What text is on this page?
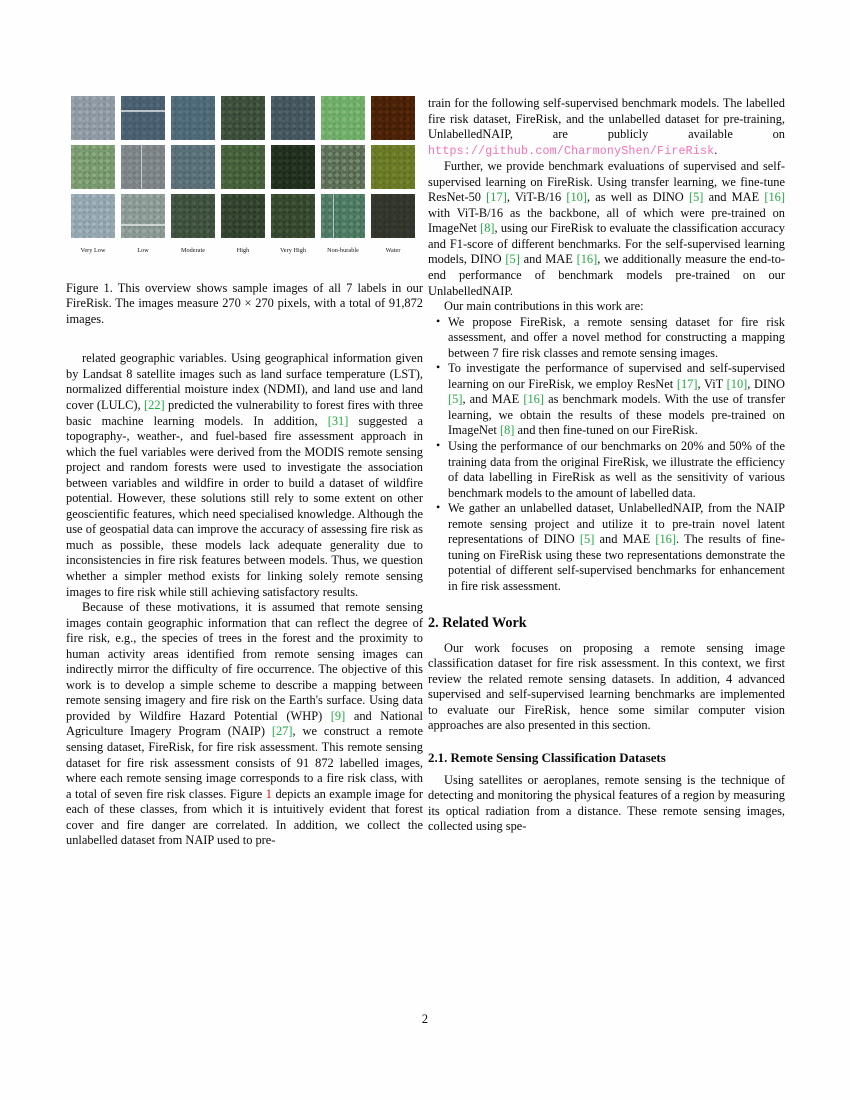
Very Low	Low	Moderate	High	Very High	Non-burable	Water
Figure 1. This overview shows sample images of all 7 labels in our FireRisk. The images measure 270 × 270 pixels, with a total of 91,872 images.

related geographic variables. Using geographical information given by Landsat 8 satellite images such as land surface temperature (LST), normalized differential moisture index (NDMI), and land use and land cover (LULC), [22] predicted the vulnerability to forest fires with three basic machine learning models. In addition, [31] suggested a topography-, weather-, and fuel-based fire assessment approach in which the fuel variables were derived from the MODIS remote sensing project and random forests were used to investigate the association between variables and wildfire in order to build a dataset of wildfire potential. However, these solutions still rely to some extent on other geoscientific features, which need specialised knowledge. Although the use of geospatial data can improve the accuracy of assessing fire risk as much as possible, these models lack adequate generality due to inconsistencies in fire risk features between models. Thus, we question whether a simpler method exists for linking solely remote sensing images to fire risk while still achieving satisfactory results.

Because of these motivations, it is assumed that remote sensing images contain geographic information that can reflect the degree of fire risk, e.g., the species of trees in the forest and the proximity to human activity areas identified from remote sensing images can indirectly mirror the difficulty of fire occurrence. The objective of this work is to develop a simple scheme to describe a mapping between remote sensing imagery and fire risk on the Earth's surface. Using data provided by Wildfire Hazard Potential (WHP) [9] and National Agriculture Imagery Program (NAIP) [27], we construct a remote sensing dataset, FireRisk, for fire risk assessment. This remote sensing dataset for fire risk assessment consists of 91 872 labelled images, where each remote sensing image corresponds to a fire risk class, with a total of seven fire risk classes. Figure 1 depicts an example image for each of these classes, from which it is intuitively evident that forest cover and fire danger are correlated. In addition, we collect the unlabelled dataset from NAIP used to pre-

train for the following self-supervised benchmark models. The labelled fire risk dataset, FireRisk, and the unlabelled dataset for pre-training, UnlabelledNAIP, are publicly available on https://github.com/CharmonyShen/FireRisk.

Further, we provide benchmark evaluations of supervised and self-supervised learning on FireRisk. Using transfer learning, we fine-tune ResNet-50 [17], ViT-B/16 [10], as well as DINO [5] and MAE [16] with ViT-B/16 as the backbone, all of which were pre-trained on ImageNet [8], using our FireRisk to evaluate the classification accuracy and F1-score of different benchmarks. For the self-supervised learning models, DINO [5] and MAE [16], we additionally measure the end-to-end performance of benchmark models pre-trained on our UnlabelledNAIP.

Our main contributions in this work are:

• We propose FireRisk, a remote sensing dataset for fire risk assessment, and offer a novel method for constructing a mapping between 7 fire risk classes and remote sensing images.
• To investigate the performance of supervised and self-supervised learning on our FireRisk, we employ ResNet [17], ViT [10], DINO [5], and MAE [16] as benchmark models. With the use of transfer learning, we obtain the results of these models pre-trained on ImageNet [8] and then fine-tuned on our FireRisk.
• Using the performance of our benchmarks on 20% and 50% of the training data from the original FireRisk, we illustrate the efficiency of data labelling in FireRisk as well as the sensitivity of various benchmark models to the amount of labelled data.
• We gather an unlabelled dataset, UnlabelledNAIP, from the NAIP remote sensing project and utilize it to pre-train novel latent representations of DINO [5] and MAE [16]. The results of fine-tuning on FireRisk using these two representations demonstrate the potential of different self-supervised benchmarks for enhancement in fire risk assessment.
2. Related Work

Our work focuses on proposing a remote sensing image classification dataset for fire risk assessment. In this context, we first review the related remote sensing datasets. In addition, 4 advanced supervised and self-supervised learning benchmarks are implemented to evaluate our FireRisk, hence some similar computer vision approaches are also presented in this section.

2.1. Remote Sensing Classification Datasets

Using satellites or aeroplanes, remote sensing is the technique of detecting and monitoring the physical features of a region by measuring its optical radiation from a distance. These remote sensing images, collected using spe-

2
